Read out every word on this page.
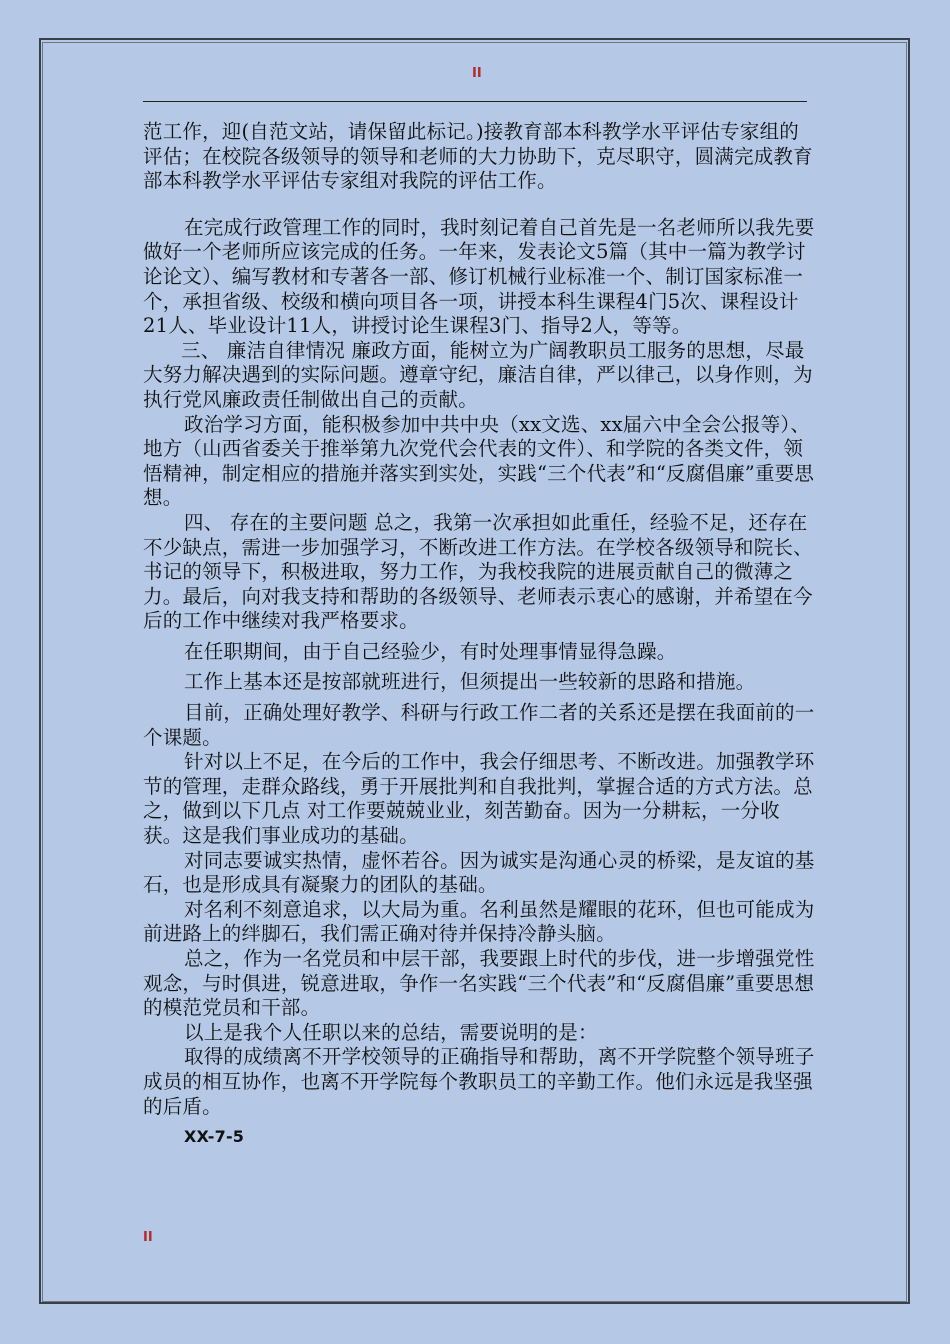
II

范工作，迎(自范文站，请保留此标记。)接教育部本科教学水平评估专家组的评估；在校院各级领导的领导和老师的大力协助下，克尽职守，圆满完成教育部本科教学水平评估专家组对我院的评估工作。

在完成行政管理工作的同时，我时刻记着自己首先是一名老师所以我先要做好一个老师所应该完成的任务。一年来，发表论文5篇（其中一篇为教学讨论论文）、编写教材和专著各一部、修订机械行业标准一个、制订国家标准一个，承担省级、校级和横向项目各一项，讲授本科生课程4门5次、课程设计21人、毕业设计11人，讲授讨论生课程3门、指导2人，等等。

三、 廉洁自律情况 廉政方面，能树立为广阔教职员工服务的思想，尽最大努力解决遇到的实际问题。遵章守纪，廉洁自律，严以律己，以身作则，为执行党风廉政责任制做出自己的贡献。

政治学习方面，能积极参加中共中央（xx文选、xx届六中全会公报等）、地方（山西省委关于推举第九次党代会代表的文件）、和学院的各类文件，领悟精神，制定相应的措施并落实到实处，实践“三个代表”和“反腐倡廉”重要思想。

四、 存在的主要问题 总之，我第一次承担如此重任，经验不足，还存在不少缺点，需进一步加强学习，不断改进工作方法。在学校各级领导和院长、书记的领导下，积极进取，努力工作，为我校我院的进展贡献自己的微薄之力。最后，向对我支持和帮助的各级领导、老师表示衷心的感谢，并希望在今后的工作中继续对我严格要求。

在任职期间，由于自己经验少，有时处理事情显得急躁。

工作上基本还是按部就班进行，但须提出一些较新的思路和措施。

目前，正确处理好教学、科研与行政工作二者的关系还是摆在我面前的一个课题。

针对以上不足，在今后的工作中，我会仔细思考、不断改进。加强教学环节的管理，走群众路线，勇于开展批判和自我批判，掌握合适的方式方法。总之，做到以下几点 对工作要兢兢业业，刻苦勤奋。因为一分耕耘，一分收获。这是我们事业成功的基础。

对同志要诚实热情，虚怀若谷。因为诚实是沟通心灵的桥梁，是友谊的基石，也是形成具有凝聚力的团队的基础。

对名利不刻意追求，以大局为重。名利虽然是耀眼的花环，但也可能成为前进路上的绊脚石，我们需正确对待并保持冷静头脑。

总之，作为一名党员和中层干部，我要跟上时代的步伐，进一步增强党性观念，与时俱进，锐意进取，争作一名实践“三个代表”和“反腐倡廉”重要思想的模范党员和干部。

以上是我个人任职以来的总结，需要说明的是：

取得的成绩离不开学校领导的正确指导和帮助，离不开学院整个领导班子成员的相互协作，也离不开学院每个教职员工的辛勤工作。他们永远是我坚强的后盾。

XX-7-5

II
